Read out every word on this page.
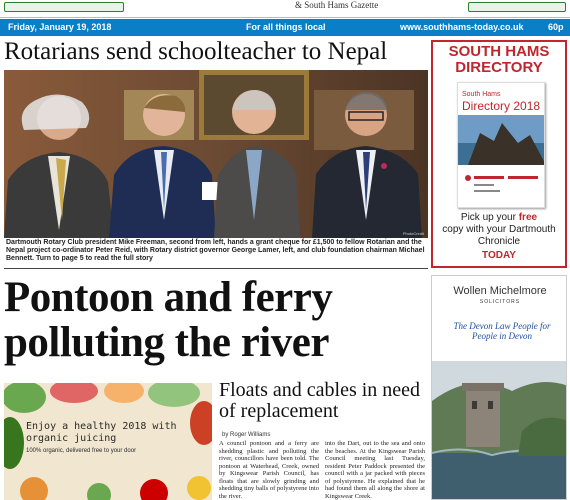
& South Hams Gazette
Friday, January 19, 2018	For all things local	www.southhams-today.co.uk	60p
Rotarians send schoolteacher to Nepal
PhotoCredit
Dartmouth Rotary Club president Mike Freeman, second from left, hands a grant cheque for £1,500 to fellow Rotarian and the Nepal project co-ordinator Peter Reid, with Rotary district governor George Lamer, left, and club foundation chairman Michael Bennett. Turn to page 5 to read the full story
SOUTH HAMS
DIRECTORY
South Hams
Directory 2018
Pick up your free
copy with your Dartmouth Chronicle
TODAY
Pontoon and ferry polluting the river
Enjoy a healthy 2018 with organic juicing
100% organic, delivered free to your door
Floats and cables in need of replacement
by Roger Williams
A council pontoon and a ferry are shedding plastic and polluting the river, councillors have been told. The pontoon at Waterhead, Creek, owned by Kingswear Parish Council, has floats that are slowly grinding and shedding tiny balls of polystyrene into the river.
into the Dart, out to the sea and onto the beaches. At the Kingswear Parish Council meeting last Tuesday, resident Peter Paddock presented the council with a jar packed with pieces of polystyrene. He explained that he had found them all along the shore at Kingswear Creek.
Wollen Michelmore
SOLICITORS
The Devon Law People for People in Devon
